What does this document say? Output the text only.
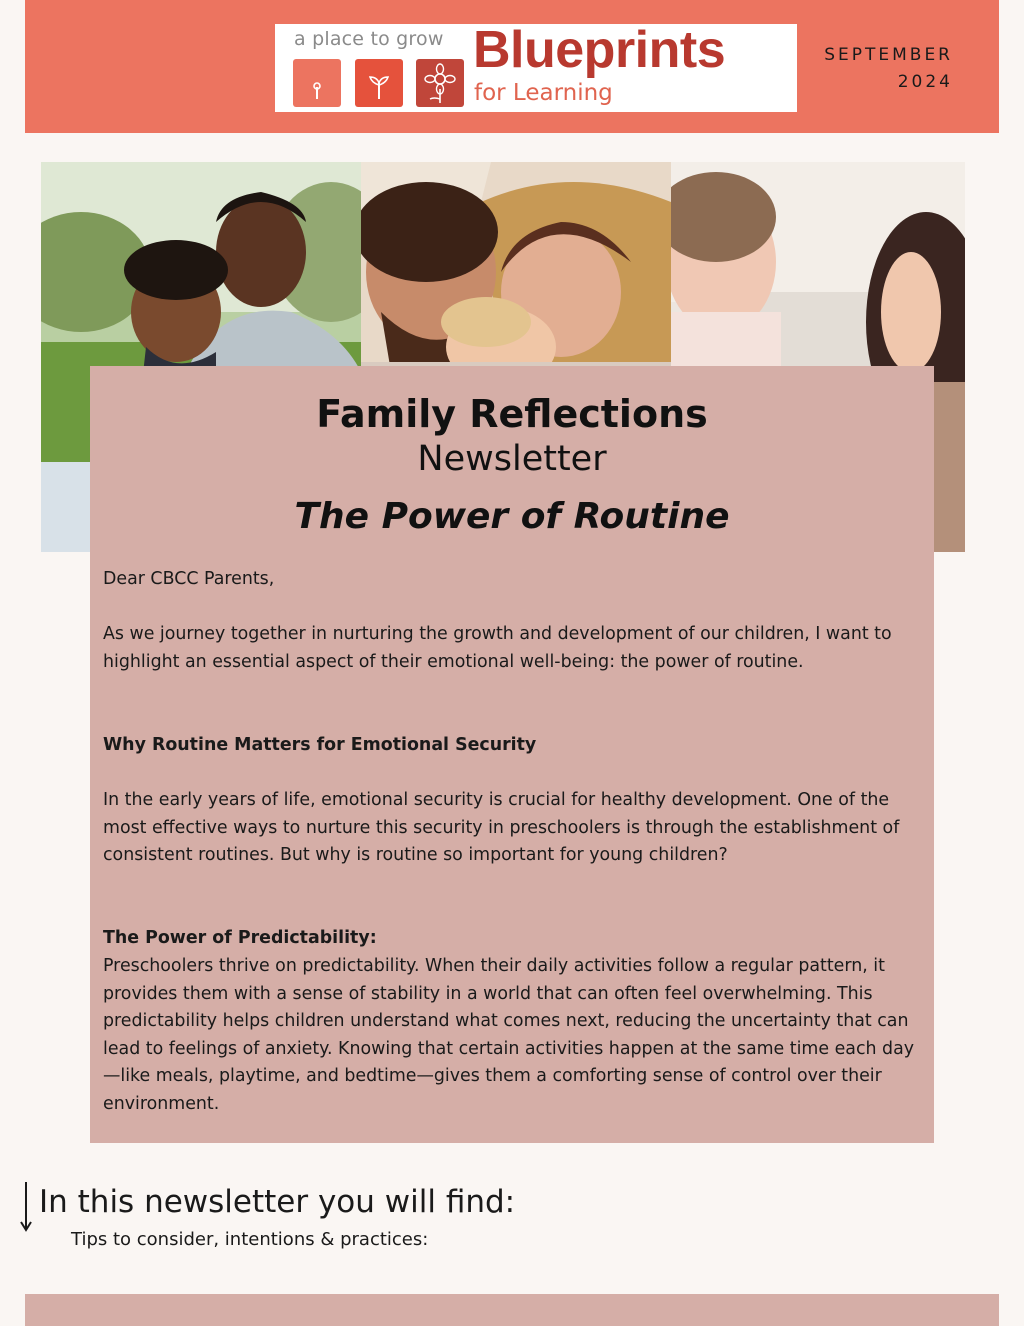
a place to grow Blueprints
for Learning
SEPTEMBER
2024
Family Reflections
Newsletter
The Power of Routine
Dear CBCC Parents,
As we journey together in nurturing the growth and development of our children, I want to highlight an essential aspect of their emotional well-being: the power of routine.
Why Routine Matters for Emotional Security
In the early years of life, emotional security is crucial for healthy development. One of the most effective ways to nurture this security in preschoolers is through the establishment of consistent routines. But why is routine so important for young children?
The Power of Predictability:
Preschoolers thrive on predictability. When their daily activities follow a regular pattern, it provides them with a sense of stability in a world that can often feel overwhelming. This predictability helps children understand what comes next, reducing the uncertainty that can lead to feelings of anxiety. Knowing that certain activities happen at the same time each day—like meals, playtime, and bedtime—gives them a comforting sense of control over their environment.
In this newsletter you will find:
Tips to consider, intentions & practices:
